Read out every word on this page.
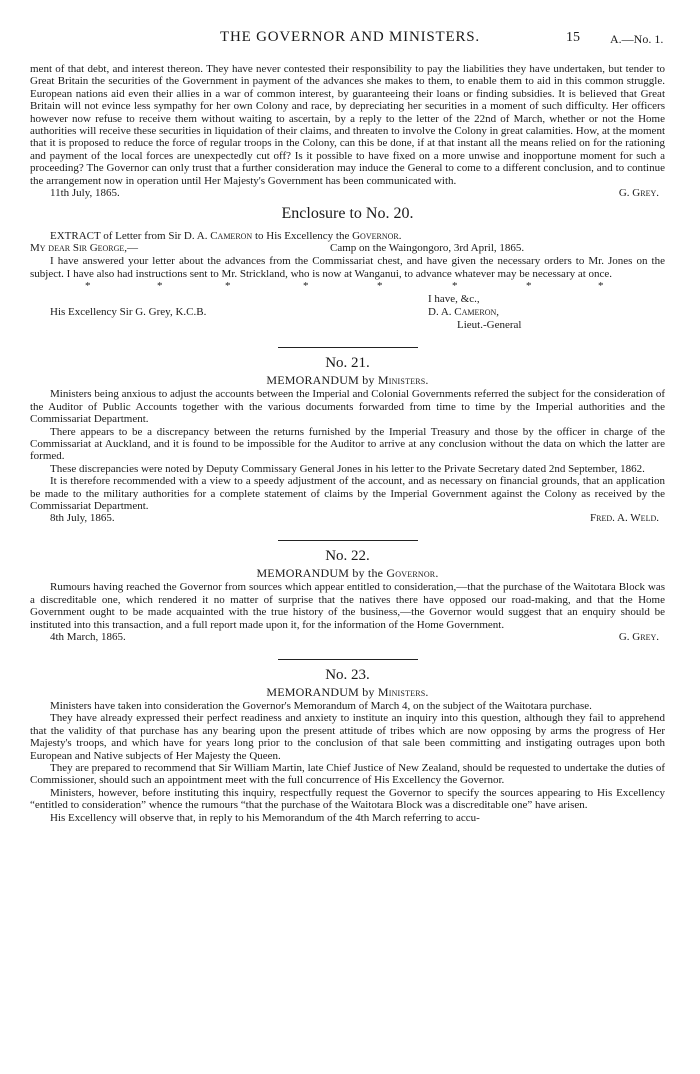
THE GOVERNOR AND MINISTERS.	15	A.—No. 1.

ment of that debt, and interest thereon. They have never contested their responsibility to pay the liabilities they have undertaken, but tender to Great Britain the securities of the Government in payment of the advances she makes to them, to enable them to aid in this common struggle. European nations aid even their allies in a war of common interest, by guaranteeing their loans or finding subsidies. It is believed that Great Britain will not evince less sympathy for her own Colony and race, by depreciating her securities in a moment of such difficulty. Her officers however now refuse to receive them without waiting to ascertain, by a reply to the letter of the 22nd of March, whether or not the Home authorities will receive these securities in liquidation of their claims, and threaten to involve the Colony in great calamities. How, at the moment that it is proposed to reduce the force of regular troops in the Colony, can this be done, if at that instant all the means relied on for the rationing and payment of the local forces are unexpectedly cut off? Is it possible to have fixed on a more unwise and inopportune moment for such a proceeding? The Governor can only trust that a further consideration may induce the General to come to a different conclusion, and to continue the arrangement now in operation until Her Majesty's Government has been communicated with.

11th July, 1865.	G. Grey.
Enclosure to No. 20.

EXTRACT of Letter from Sir D. A. Cameron to His Excellency the Governor.

My dear Sir George,—	Camp on the Waingongoro, 3rd April, 1865.

I have answered your letter about the advances from the Commissariat chest, and have given the necessary orders to Mr. Jones on the subject. I have also had instructions sent to Mr. Strickland, who is now at Wanganui, to advance whatever may be necessary at once.

*	*	*	*	*	*	*	*
I have, &c.,
His Excellency Sir G. Grey, K.C.B.	D. A. Cameron,
Lieut.-General
No. 21.
MEMORANDUM by Ministers.

Ministers being anxious to adjust the accounts between the Imperial and Colonial Governments referred the subject for the consideration of the Auditor of Public Accounts together with the various documents forwarded from time to time by the Imperial authorities and the Commissariat Department.

There appears to be a discrepancy between the returns furnished by the Imperial Treasury and those by the officer in charge of the Commissariat at Auckland, and it is found to be impossible for the Auditor to arrive at any conclusion without the data on which the latter are formed.

These discrepancies were noted by Deputy Commissary General Jones in his letter to the Private Secretary dated 2nd September, 1862.

It is therefore recommended with a view to a speedy adjustment of the account, and as necessary on financial grounds, that an application be made to the military authorities for a complete statement of claims by the Imperial Government against the Colony as received by the Commissariat Department.

8th July, 1865.	Fred. A. Weld.
No. 22.
MEMORANDUM by the Governor.

Rumours having reached the Governor from sources which appear entitled to consideration,—that the purchase of the Waitotara Block was a discreditable one, which rendered it no matter of surprise that the natives there have opposed our road-making, and that the Home Government ought to be made acquainted with the true history of the business,—the Governor would suggest that an enquiry should be instituted into this transaction, and a full report made upon it, for the information of the Home Government.

4th March, 1865.	G. Grey.
No. 23.
MEMORANDUM by Ministers.

Ministers have taken into consideration the Governor's Memorandum of March 4, on the subject of the Waitotara purchase.

They have already expressed their perfect readiness and anxiety to institute an inquiry into this question, although they fail to apprehend that the validity of that purchase has any bearing upon the present attitude of tribes which are now opposing by arms the progress of Her Majesty's troops, and which have for years long prior to the conclusion of that sale been committing and instigating outrages upon both European and Native subjects of Her Majesty the Queen.

They are prepared to recommend that Sir William Martin, late Chief Justice of New Zealand, should be requested to undertake the duties of Commissioner, should such an appointment meet with the full concurrence of His Excellency the Governor.

Ministers, however, before instituting this inquiry, respectfully request the Governor to specify the sources appearing to His Excellency “entitled to consideration” whence the rumours “that the purchase of the Waitotara Block was a discreditable one” have arisen.

His Excellency will observe that, in reply to his Memorandum of the 4th March referring to accu-
